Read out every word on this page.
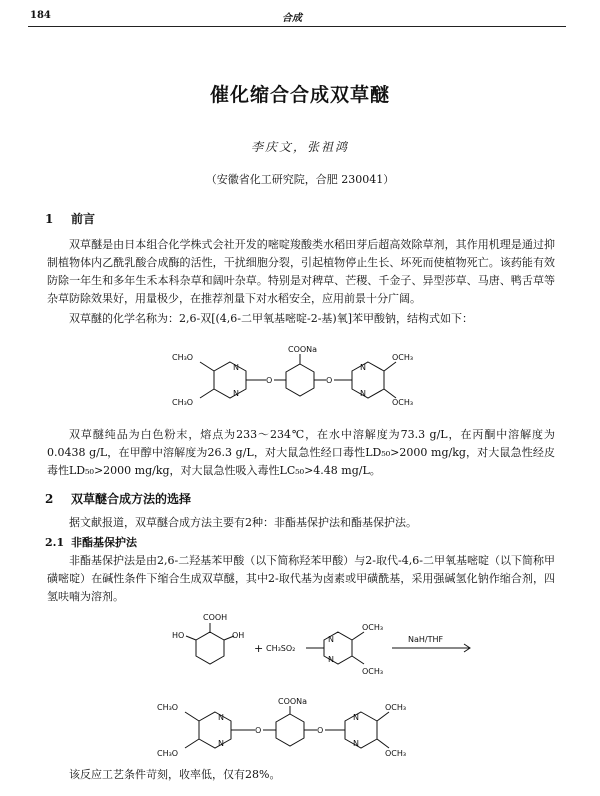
184	合成
催化缩合合成双草醚
李庆文，张祖鸿
（安徽省化工研究院，合肥 230041）
1 前言

双草醚是由日本组合化学株式会社开发的嘧啶羧酸类水稻田芽后超高效除草剂，其作用机理是通过抑制植物体内乙酰乳酸合成酶的活性，干扰细胞分裂，引起植物停止生长、坏死而使植物死亡。该药能有效防除一年生和多年生禾本科杂草和阔叶杂草。特别是对稗草、芒稷、千金子、异型莎草、马唐、鸭舌草等杂草防除效果好，用量极少，在推荐剂量下对水稻安全，应用前景十分广阔。

双草醚的化学名称为：2,6-双[(4,6-二甲氧基嘧啶-2-基)氧]苯甲酸钠，结构式如下：

CH₃O
CH₃O
N
N
O
COONa
O
N
N
OCH₃
OCH₃

双草醚纯品为白色粉末，熔点为233～234℃，在水中溶解度为73.3 g/L，在丙酮中溶解度为0.0438 g/L，在甲醇中溶解度为26.3 g/L，对大鼠急性经口毒性LD₅₀>2000 mg/kg，对大鼠急性经皮毒性LD₅₀>2000 mg/kg，对大鼠急性吸入毒性LC₅₀>4.48 mg/L。

2 双草醚合成方法的选择

据文献报道，双草醚合成方法主要有2种：非酯基保护法和酯基保护法。

2.1 非酯基保护法

非酯基保护法是由2,6-二羟基苯甲酸（以下简称羟苯甲酸）与2-取代-4,6-二甲氧基嘧啶（以下简称甲磺嘧啶）在碱性条件下缩合生成双草醚，其中2-取代基为卤素或甲磺酰基，采用强碱氢化钠作缩合剂，四氢呋喃为溶剂。

COOH
HO	OH
+ CH₃SO₂
N
N
OCH₃
OCH₃
NaH/THF
CH₃O
CH₃O
N
N
O
COONa
O
N
N
OCH₃
OCH₃

该反应工艺条件苛刻，收率低，仅有28%。
